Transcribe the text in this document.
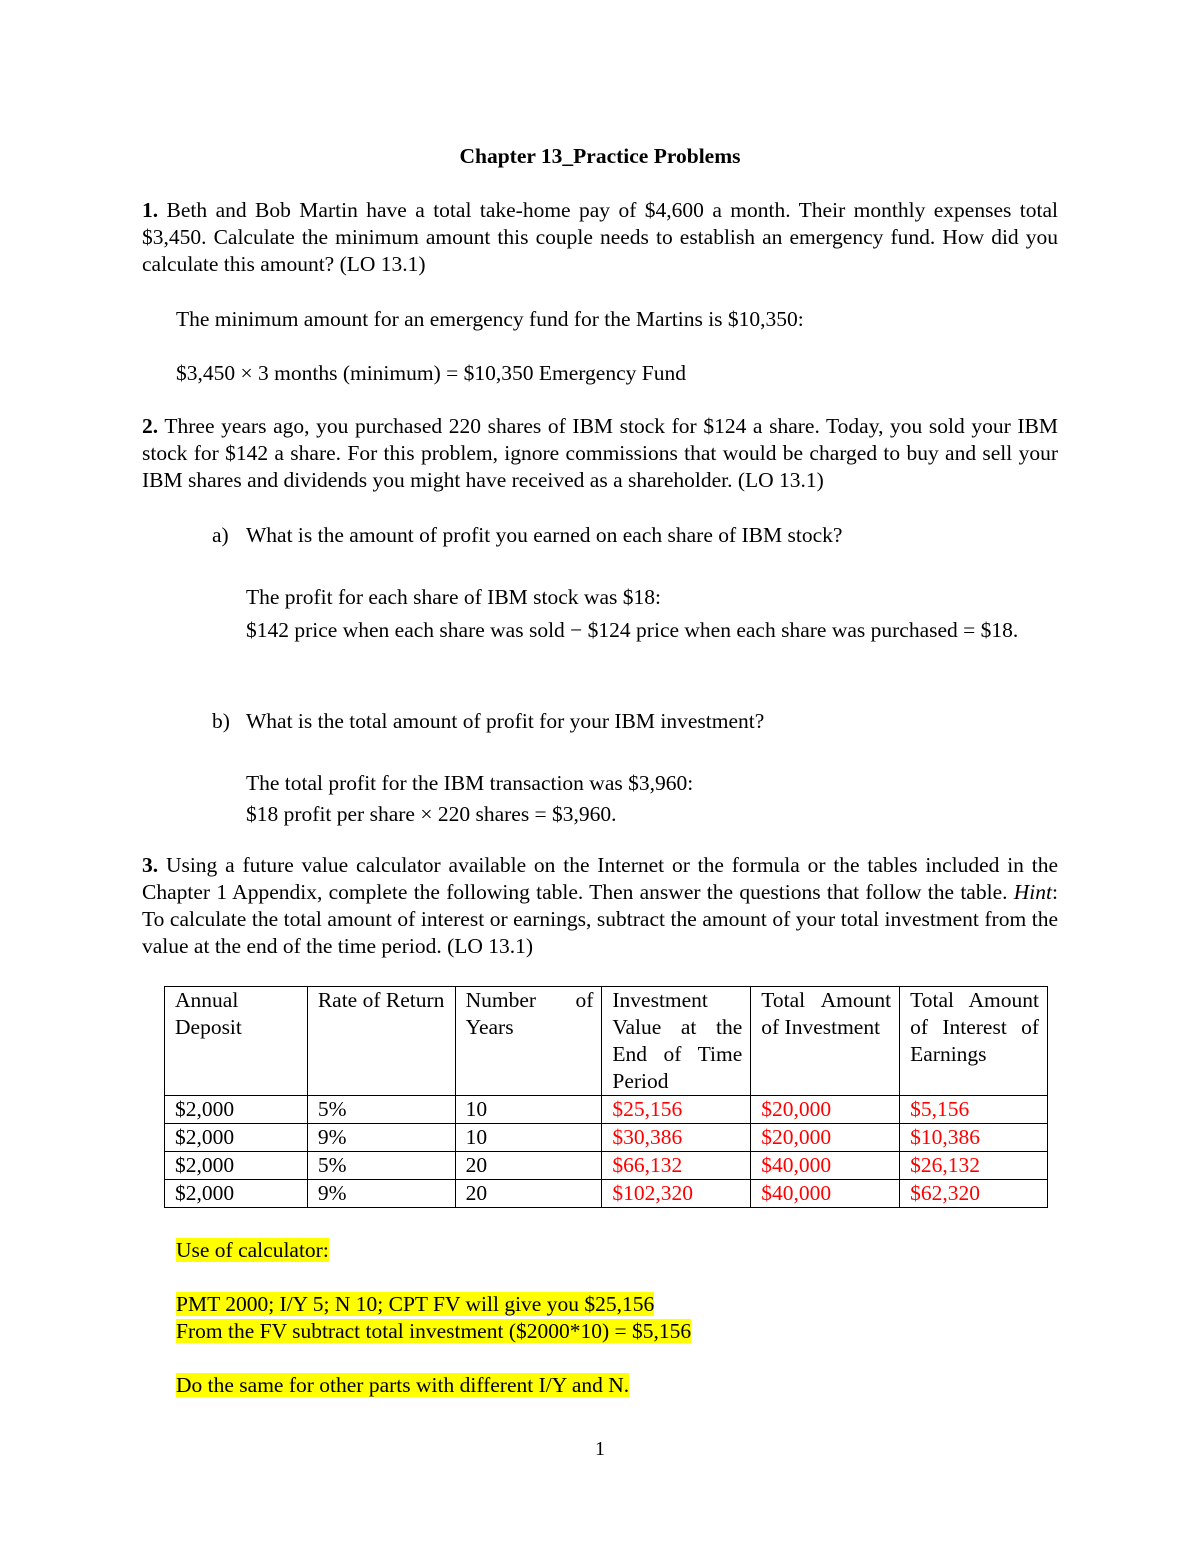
Chapter 13_Practice Problems
1. Beth and Bob Martin have a total take-home pay of $4,600 a month. Their monthly expenses total $3,450. Calculate the minimum amount this couple needs to establish an emergency fund. How did you calculate this amount? (LO 13.1)
The minimum amount for an emergency fund for the Martins is $10,350:
$3,450 × 3 months (minimum) = $10,350 Emergency Fund
2. Three years ago, you purchased 220 shares of IBM stock for $124 a share. Today, you sold your IBM stock for $142 a share. For this problem, ignore commissions that would be charged to buy and sell your IBM shares and dividends you might have received as a shareholder. (LO 13.1)
a) What is the amount of profit you earned on each share of IBM stock?
The profit for each share of IBM stock was $18:
$142 price when each share was sold − $124 price when each share was purchased = $18.
b) What is the total amount of profit for your IBM investment?
The total profit for the IBM transaction was $3,960:
$18 profit per share × 220 shares = $3,960.
3. Using a future value calculator available on the Internet or the formula or the tables included in the Chapter 1 Appendix, complete the following table. Then answer the questions that follow the table. Hint: To calculate the total amount of interest or earnings, subtract the amount of your total investment from the value at the end of the time period. (LO 13.1)
Annual Deposit	Rate of Return	Number of Years	Investment Value at the End of Time Period	Total Amount of Investment	Total Amount of Interest of Earnings
$2,000	5%	10	$25,156	$20,000	$5,156
$2,000	9%	10	$30,386	$20,000	$10,386
$2,000	5%	20	$66,132	$40,000	$26,132
$2,000	9%	20	$102,320	$40,000	$62,320
Use of calculator:
PMT 2000; I/Y 5; N 10; CPT FV will give you $25,156
From the FV subtract total investment ($2000*10) = $5,156
Do the same for other parts with different I/Y and N.
1
